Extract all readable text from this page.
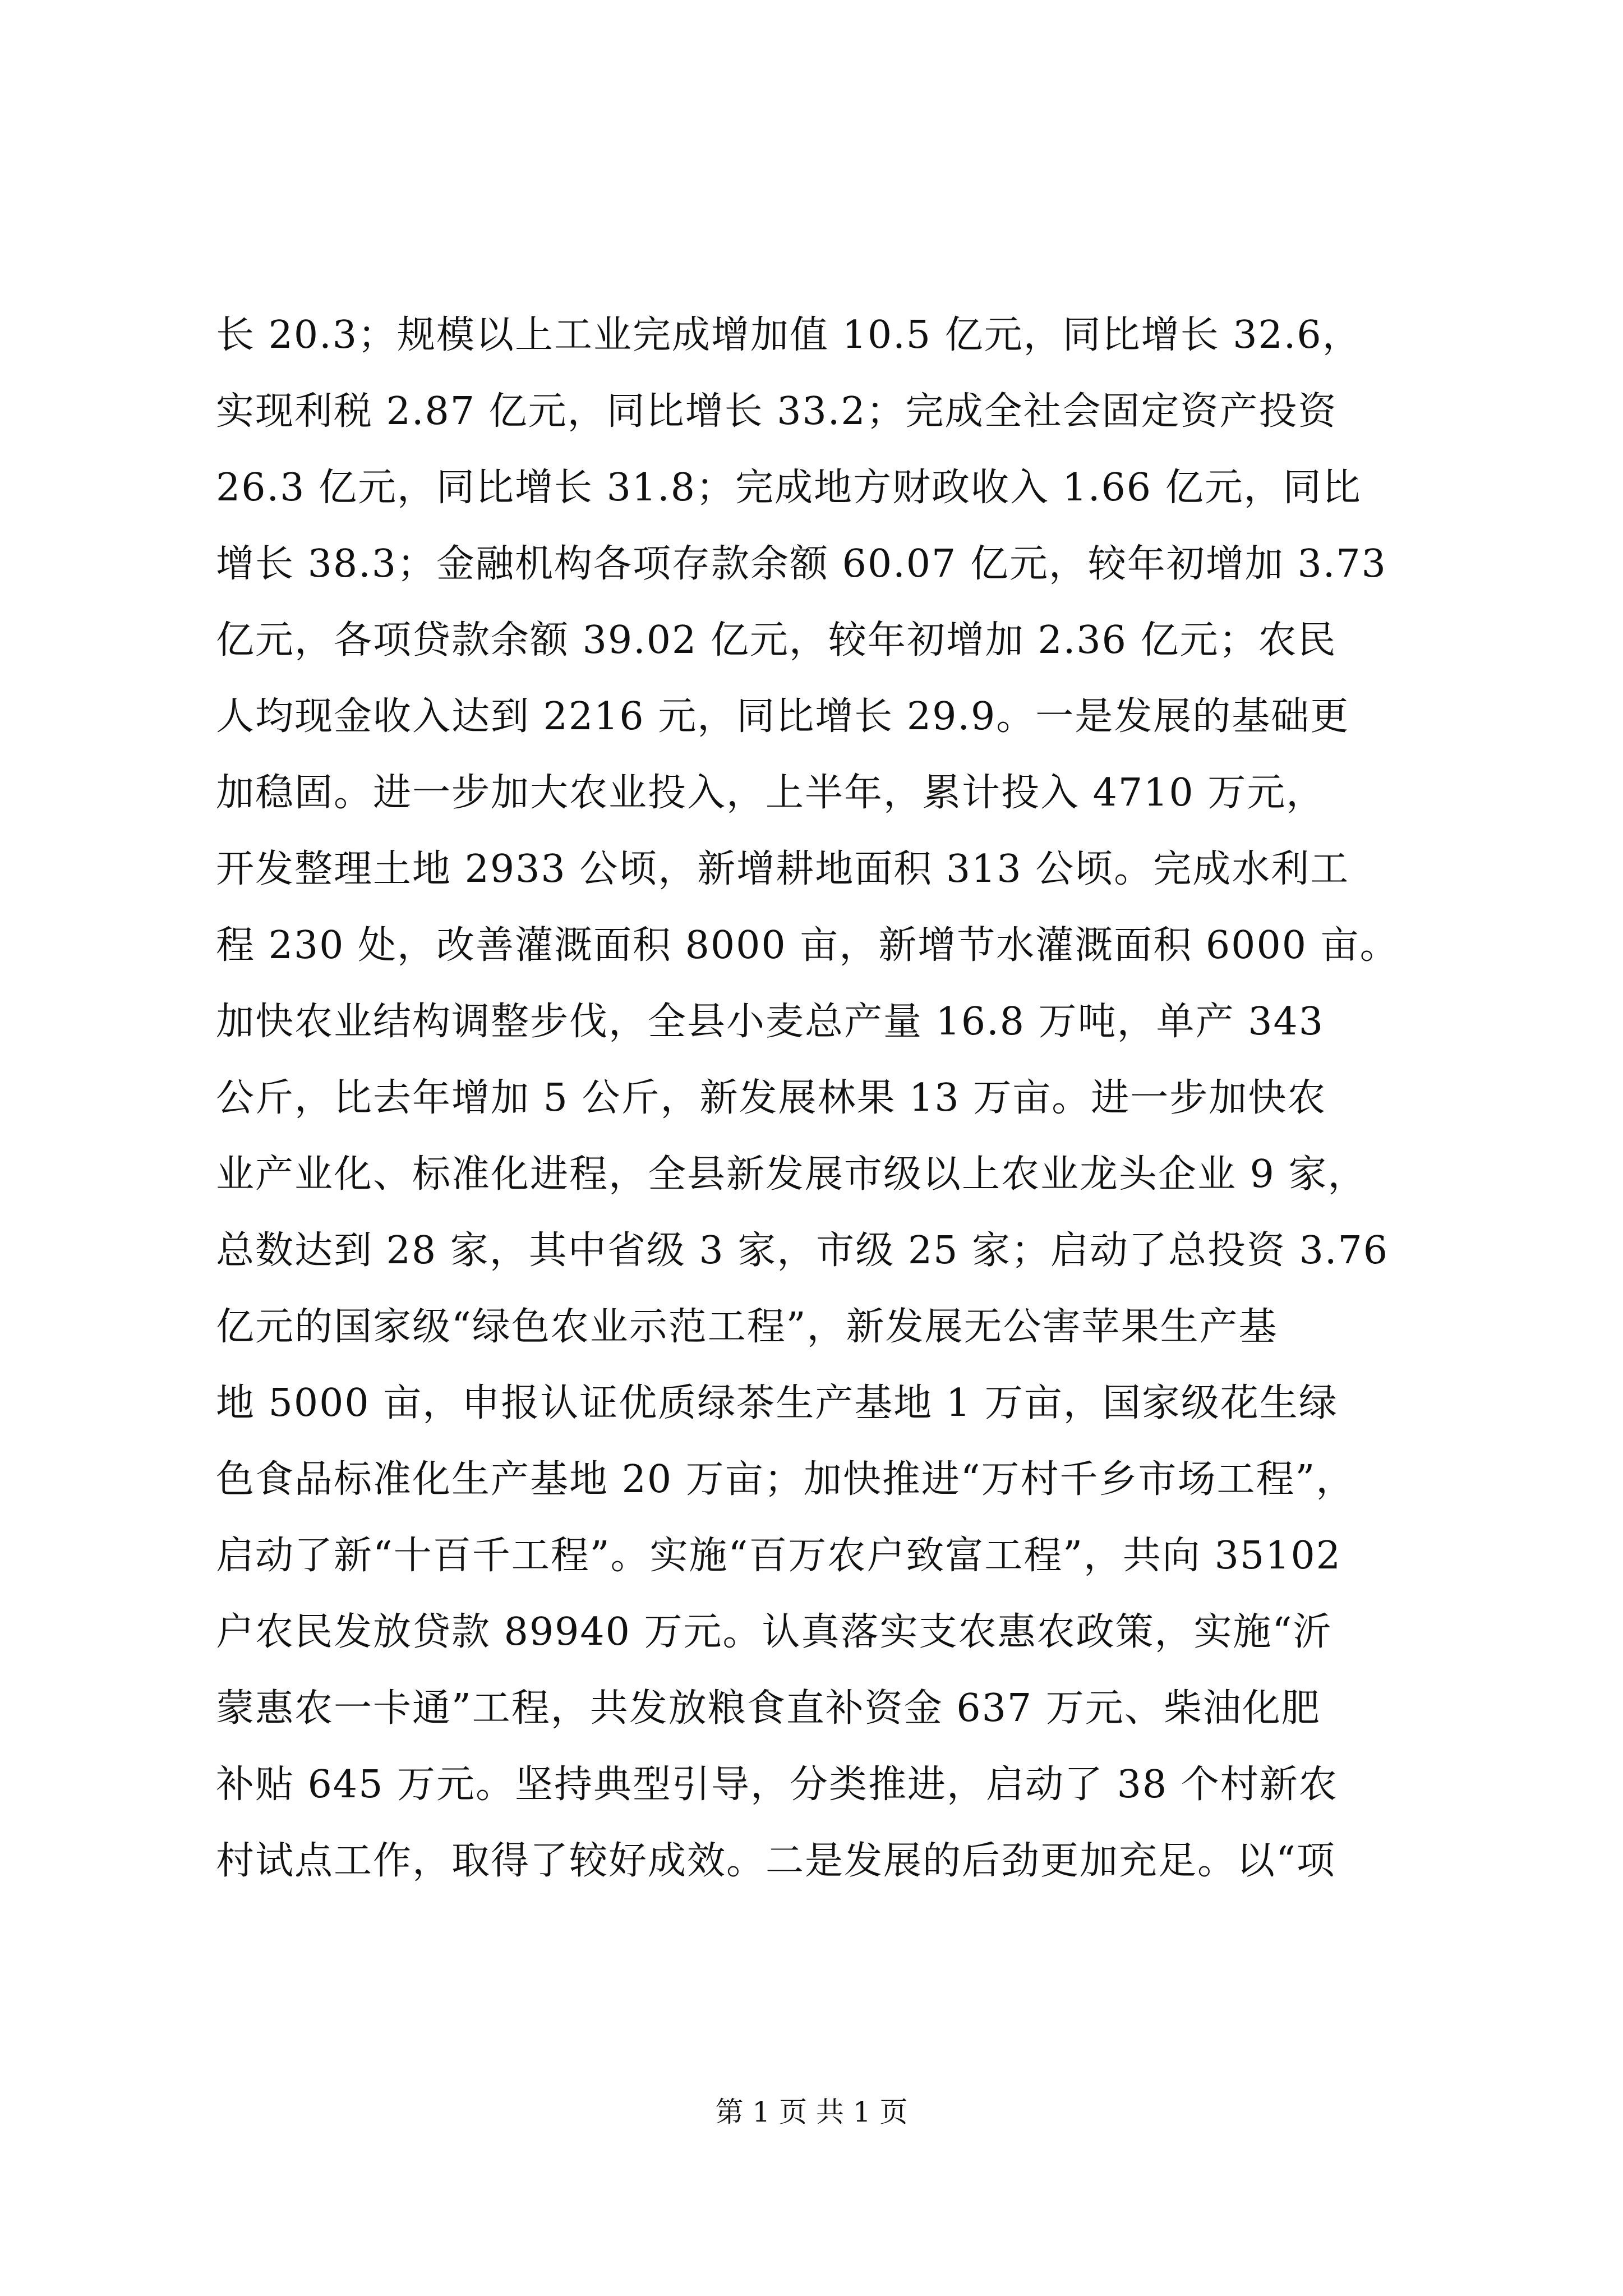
长 20.3；规模以上工业完成增加值 10.5 亿元，同比增长 32.6，
实现利税 2.87 亿元，同比增长 33.2；完成全社会固定资产投资
26.3 亿元，同比增长 31.8；完成地方财政收入 1.66 亿元，同比
增长 38.3；金融机构各项存款余额 60.07 亿元，较年初增加 3.73
亿元，各项贷款余额 39.02 亿元，较年初增加 2.36 亿元；农民
人均现金收入达到 2216 元，同比增长 29.9。一是发展的基础更
加稳固。进一步加大农业投入，上半年，累计投入 4710 万元，
开发整理土地 2933 公顷，新增耕地面积 313 公顷。完成水利工
程 230 处，改善灌溉面积 8000 亩，新增节水灌溉面积 6000 亩。
加快农业结构调整步伐，全县小麦总产量 16.8 万吨，单产 343
公斤，比去年增加 5 公斤，新发展林果 13 万亩。进一步加快农
业产业化、标准化进程，全县新发展市级以上农业龙头企业 9 家，
总数达到 28 家，其中省级 3 家，市级 25 家；启动了总投资 3.76
亿元的国家级“绿色农业示范工程”，新发展无公害苹果生产基
地 5000 亩，申报认证优质绿茶生产基地 1 万亩，国家级花生绿
色食品标准化生产基地 20 万亩；加快推进“万村千乡市场工程”，
启动了新“十百千工程”。实施“百万农户致富工程”，共向 35102
户农民发放贷款 89940 万元。认真落实支农惠农政策，实施“沂
蒙惠农一卡通”工程，共发放粮食直补资金 637 万元、柴油化肥
补贴 645 万元。坚持典型引导，分类推进，启动了 38 个村新农
村试点工作，取得了较好成效。二是发展的后劲更加充足。以“项
第 1 页 共 1 页
